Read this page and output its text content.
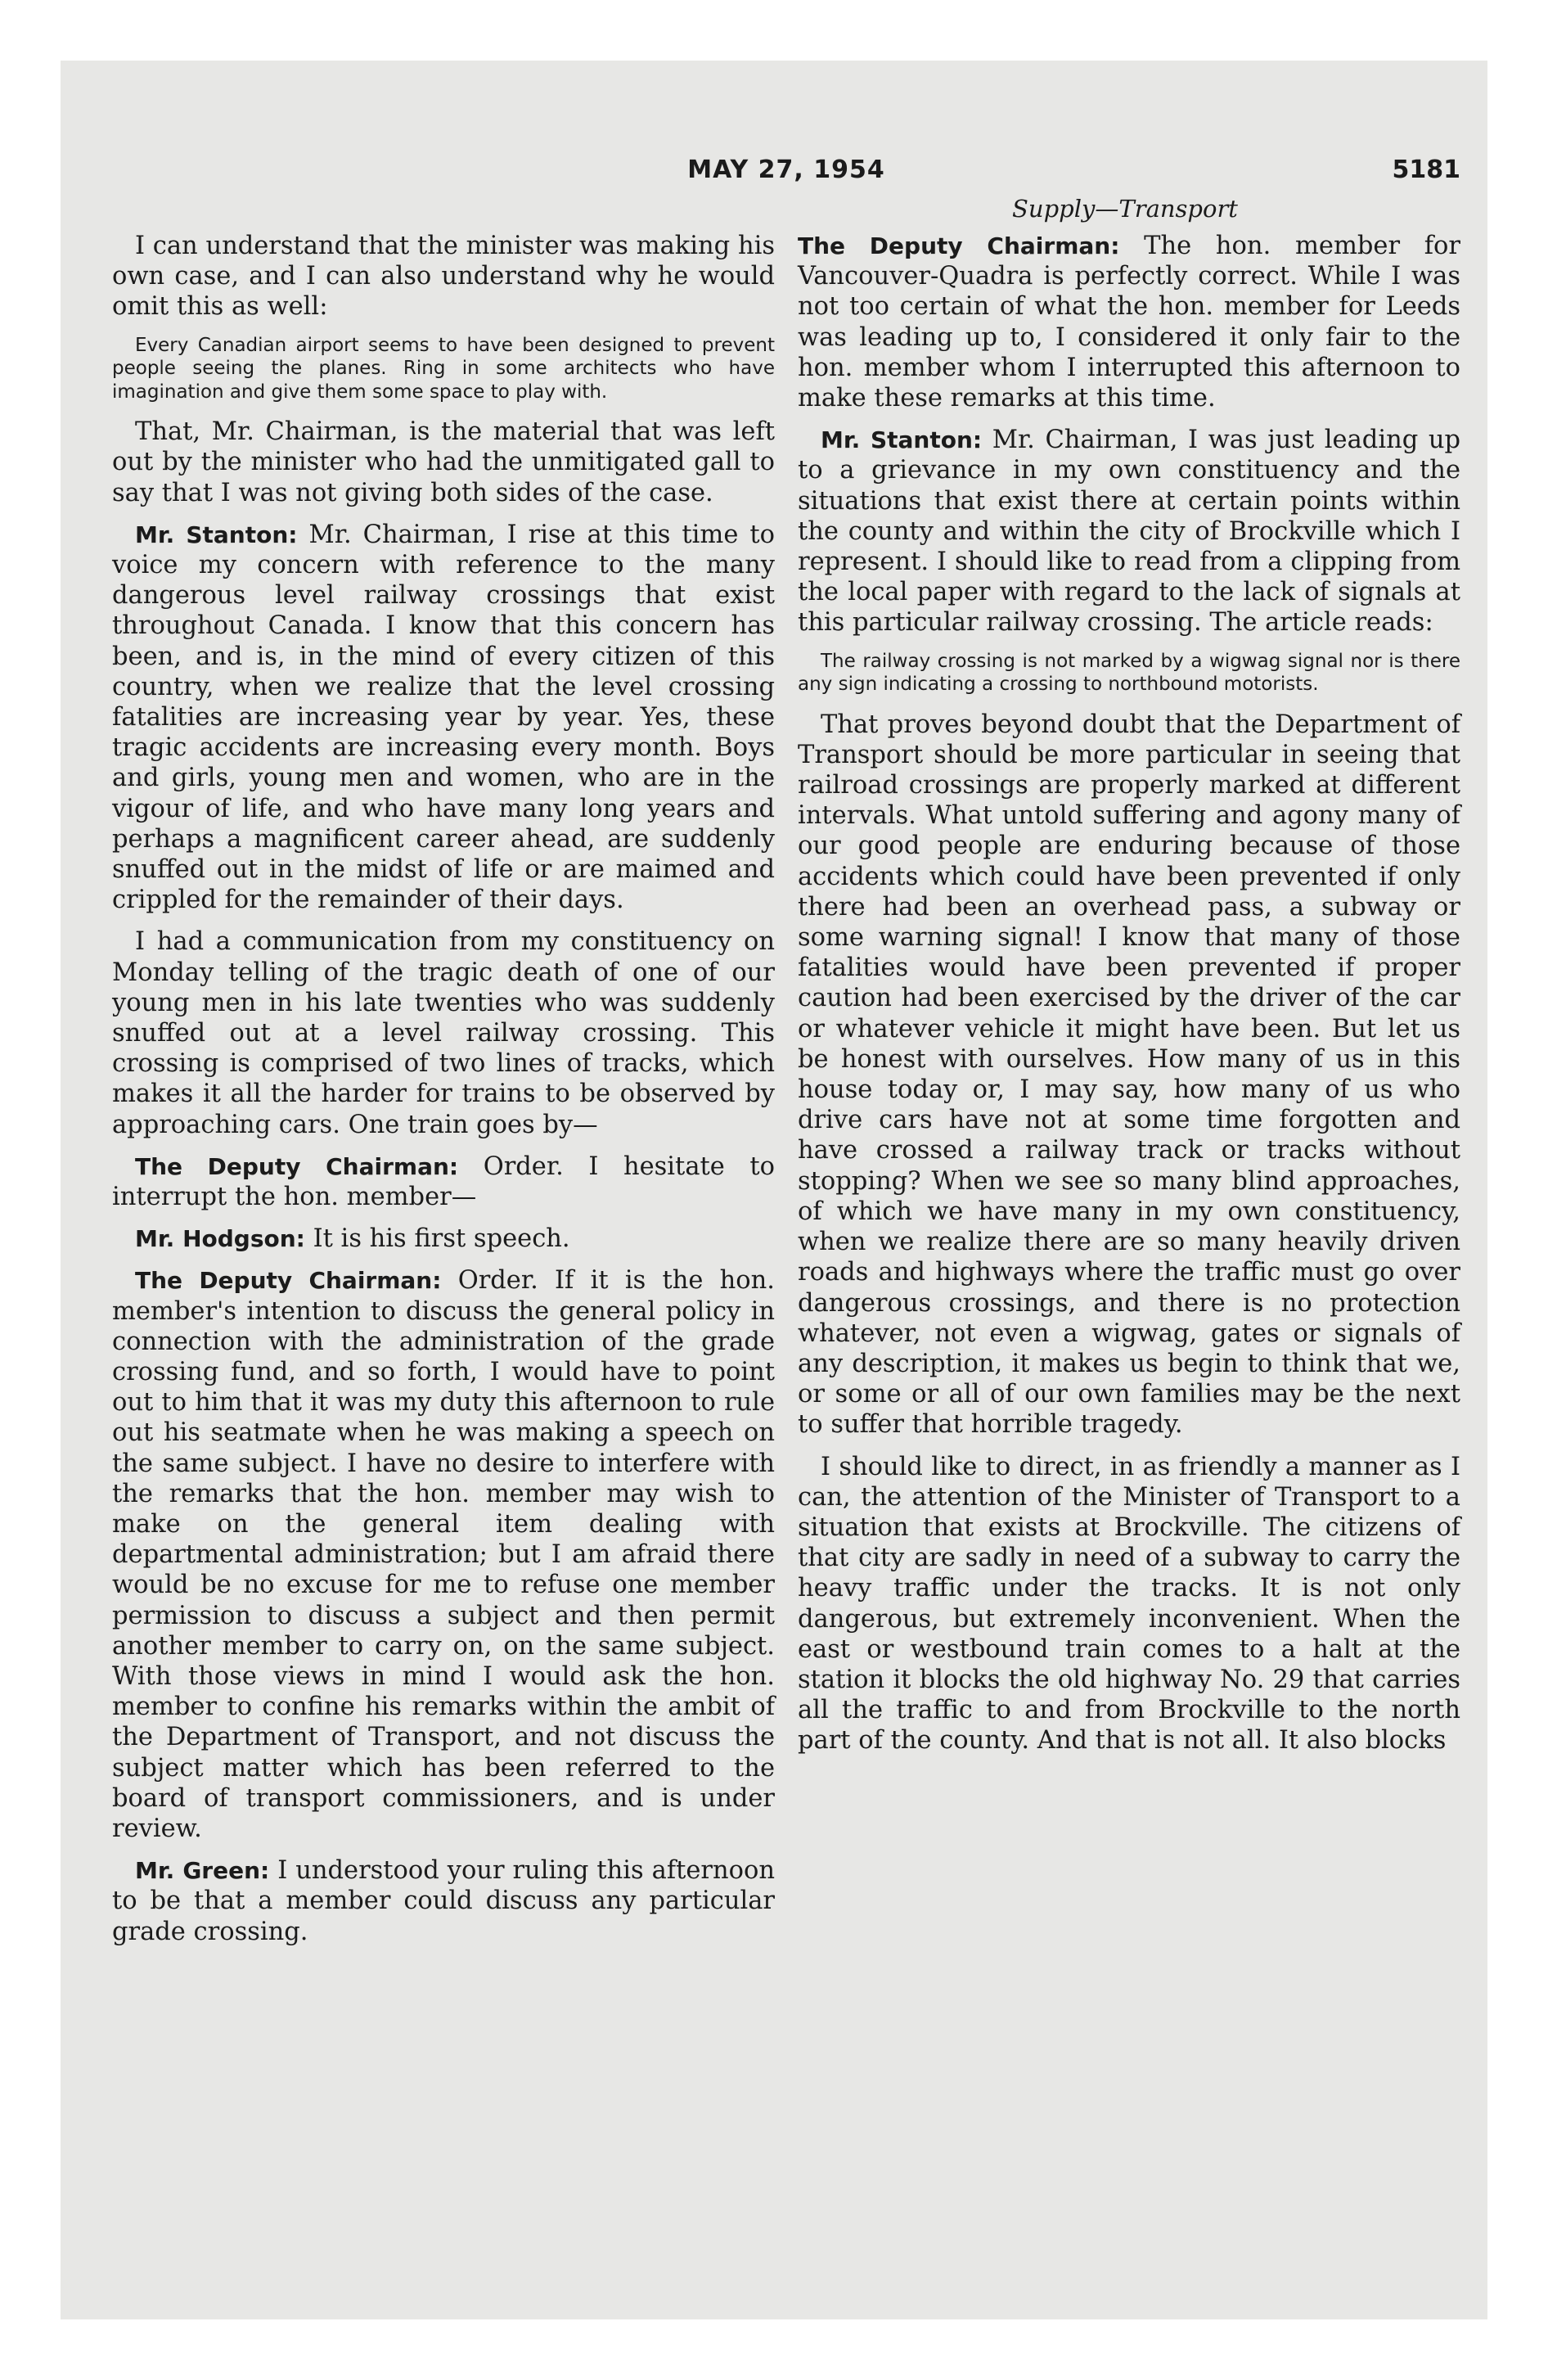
MAY 27, 1954	5181
Supply—Transport

I can understand that the minister was making his own case, and I can also understand why he would omit this as well:

Every Canadian airport seems to have been designed to prevent people seeing the planes. Ring in some architects who have imagination and give them some space to play with.

That, Mr. Chairman, is the material that was left out by the minister who had the unmitigated gall to say that I was not giving both sides of the case.

Mr. Stanton: Mr. Chairman, I rise at this time to voice my concern with reference to the many dangerous level railway crossings that exist throughout Canada. I know that this concern has been, and is, in the mind of every citizen of this country, when we realize that the level crossing fatalities are increasing year by year. Yes, these tragic accidents are increasing every month. Boys and girls, young men and women, who are in the vigour of life, and who have many long years and perhaps a magnificent career ahead, are suddenly snuffed out in the midst of life or are maimed and crippled for the remainder of their days.

I had a communication from my constituency on Monday telling of the tragic death of one of our young men in his late twenties who was suddenly snuffed out at a level railway crossing. This crossing is comprised of two lines of tracks, which makes it all the harder for trains to be observed by approaching cars. One train goes by—

The Deputy Chairman: Order. I hesitate to interrupt the hon. member—

Mr. Hodgson: It is his first speech.

The Deputy Chairman: Order. If it is the hon. member's intention to discuss the general policy in connection with the administration of the grade crossing fund, and so forth, I would have to point out to him that it was my duty this afternoon to rule out his seatmate when he was making a speech on the same subject. I have no desire to interfere with the remarks that the hon. member may wish to make on the general item dealing with departmental administration; but I am afraid there would be no excuse for me to refuse one member permission to discuss a subject and then permit another member to carry on, on the same subject. With those views in mind I would ask the hon. member to confine his remarks within the ambit of the Department of Transport, and not discuss the subject matter which has been referred to the board of transport commissioners, and is under review.

Mr. Green: I understood your ruling this afternoon to be that a member could discuss any particular grade crossing.

The Deputy Chairman: The hon. member for Vancouver-Quadra is perfectly correct. While I was not too certain of what the hon. member for Leeds was leading up to, I considered it only fair to the hon. member whom I interrupted this afternoon to make these remarks at this time.

Mr. Stanton: Mr. Chairman, I was just leading up to a grievance in my own constituency and the situations that exist there at certain points within the county and within the city of Brockville which I represent. I should like to read from a clipping from the local paper with regard to the lack of signals at this particular railway crossing. The article reads:

The railway crossing is not marked by a wigwag signal nor is there any sign indicating a crossing to northbound motorists.

That proves beyond doubt that the Department of Transport should be more particular in seeing that railroad crossings are properly marked at different intervals. What untold suffering and agony many of our good people are enduring because of those accidents which could have been prevented if only there had been an overhead pass, a subway or some warning signal! I know that many of those fatalities would have been prevented if proper caution had been exercised by the driver of the car or whatever vehicle it might have been. But let us be honest with ourselves. How many of us in this house today or, I may say, how many of us who drive cars have not at some time forgotten and have crossed a railway track or tracks without stopping? When we see so many blind approaches, of which we have many in my own constituency, when we realize there are so many heavily driven roads and highways where the traffic must go over dangerous crossings, and there is no protection whatever, not even a wigwag, gates or signals of any description, it makes us begin to think that we, or some or all of our own families may be the next to suffer that horrible tragedy.

I should like to direct, in as friendly a manner as I can, the attention of the Minister of Transport to a situation that exists at Brockville. The citizens of that city are sadly in need of a subway to carry the heavy traffic under the tracks. It is not only dangerous, but extremely inconvenient. When the east or westbound train comes to a halt at the station it blocks the old highway No. 29 that carries all the traffic to and from Brockville to the north part of the county. And that is not all. It also blocks
